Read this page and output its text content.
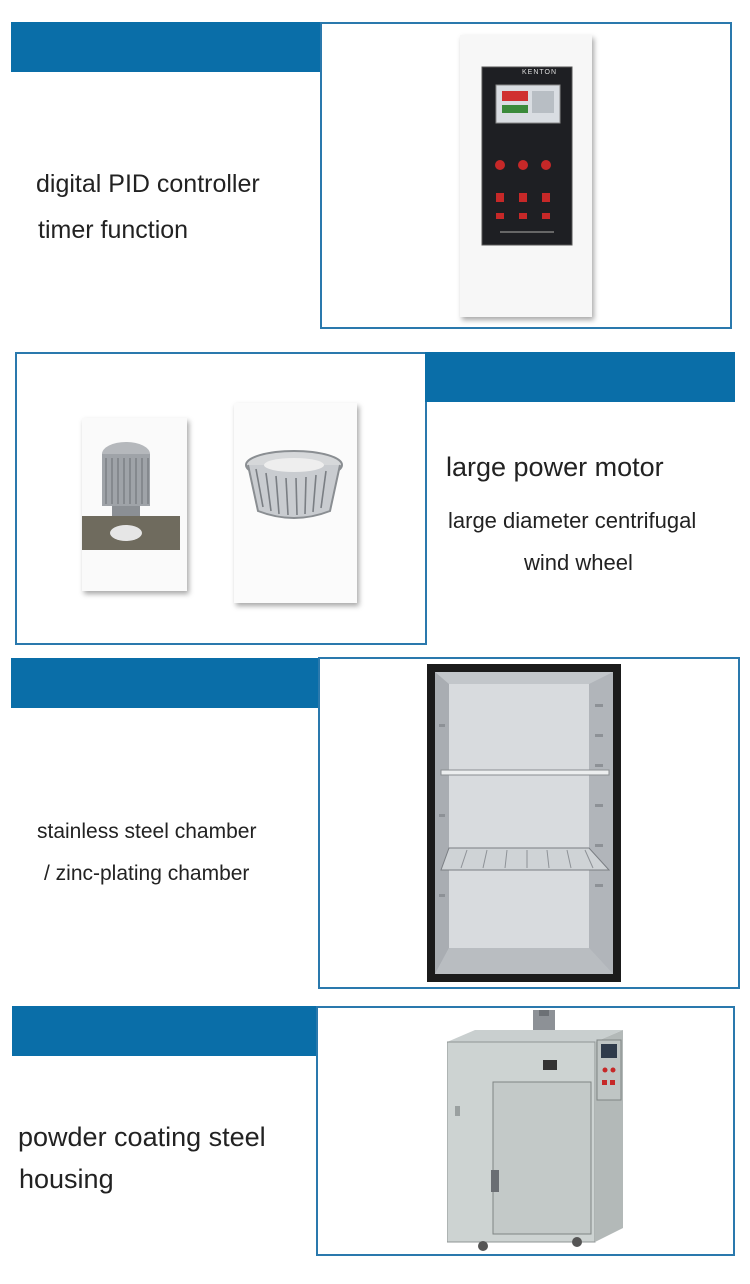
digital PID controller
timer function
KENTON
large power motor
large diameter centrifugal
wind wheel
stainless steel chamber
/ zinc-plating chamber
powder coating steel
housing
